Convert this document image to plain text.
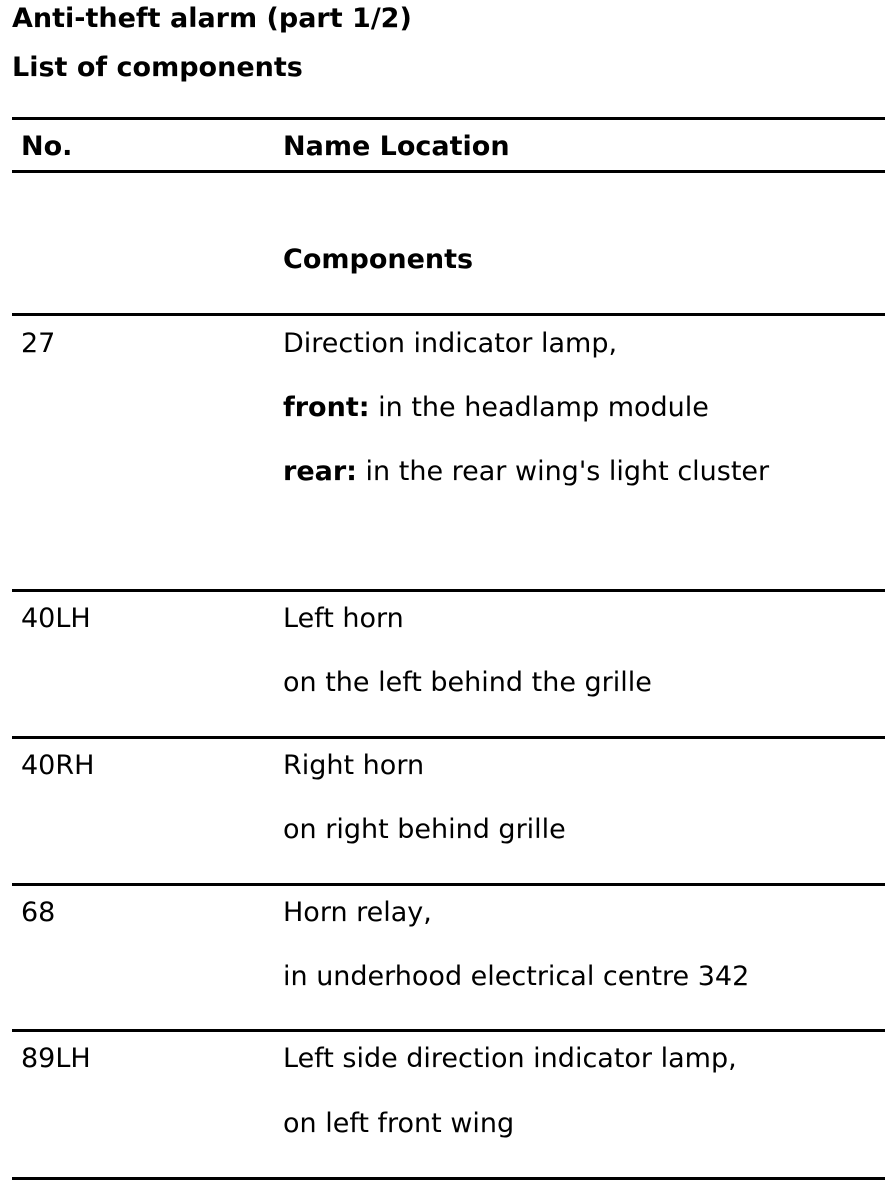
Anti-theft alarm (part 1/2)
List of components
No.	Name Location
Components
27	Direction indicator lamp,
front: in the headlamp module
rear: in the rear wing's light cluster
40LH	Left horn
on the left behind the grille
40RH	Right horn
on right behind grille
68	Horn relay,
in underhood electrical centre 342
89LH	Left side direction indicator lamp,
on left front wing
